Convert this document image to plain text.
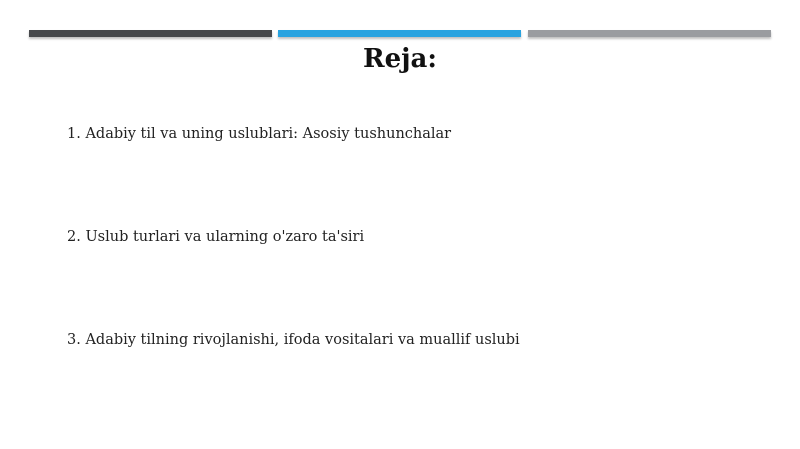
Reja:
1. Adabiy til va uning uslublari: Asosiy tushunchalar
2. Uslub turlari va ularning o'zaro ta'siri
3. Adabiy tilning rivojlanishi, ifoda vositalari va muallif uslubi
